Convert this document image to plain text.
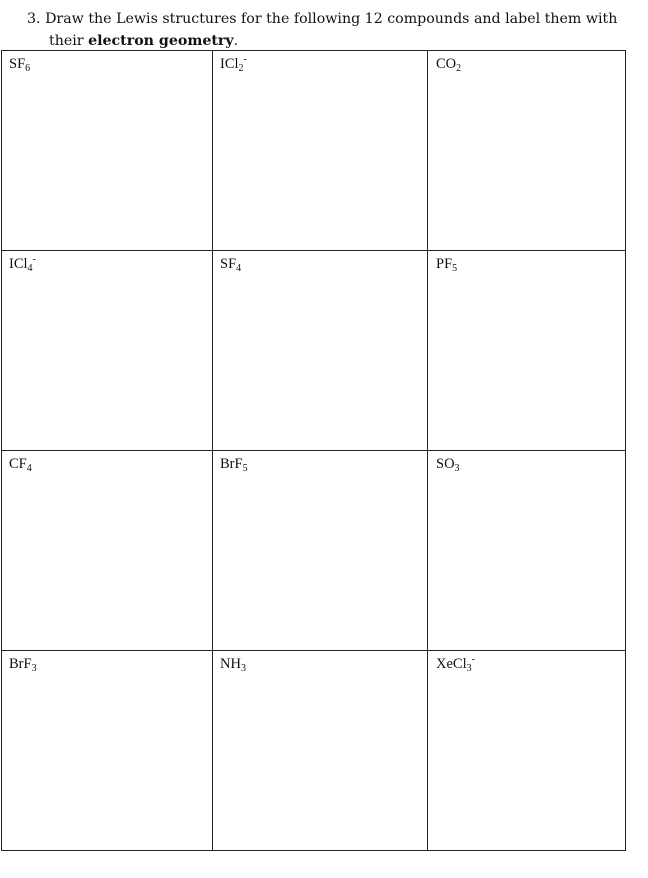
3. Draw the Lewis structures for the following 12 compounds and label them with
their electron geometry.
$SF_6$	ICl$_2$-	$CO_2$

ICl$_4$-	$SF_4$	$PF_5$

$CF_4$	BrF$_5$	$SO_3$

BrF$_3$	$NH_3$	XeCl$_3$-
